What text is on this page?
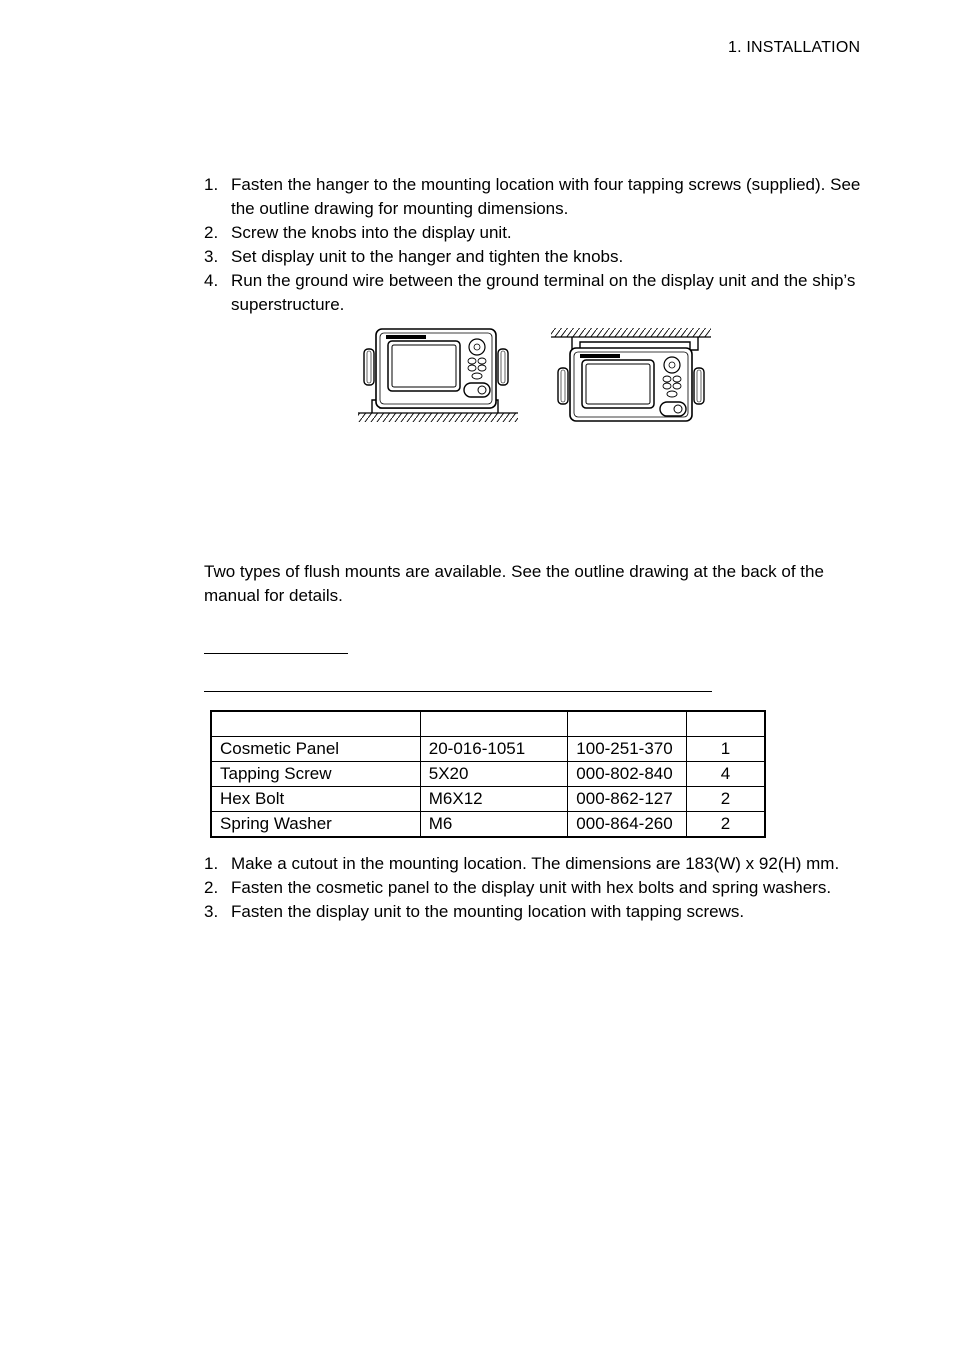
1. INSTALLATION
1. Fasten the hanger to the mounting location with four tapping screws (supplied). See the outline drawing for mounting dimensions.
2. Screw the knobs into the display unit.
3. Set display unit to the hanger and tighten the knobs.
4. Run the ground wire between the ground terminal on the display unit and the ship’s superstructure.
Two types of flush mounts are available. See the outline drawing at the back of the manual for details.

Cosmetic Panel	20-016-1051	100-251-370	1
Tapping Screw	5X20	000-802-840	4
Hex Bolt	M6X12	000-862-127	2
Spring Washer	M6	000-864-260	2
1. Make a cutout in the mounting location. The dimensions are 183(W) x 92(H) mm.
2. Fasten the cosmetic panel to the display unit with hex bolts and spring washers.
3. Fasten the display unit to the mounting location with tapping screws.
